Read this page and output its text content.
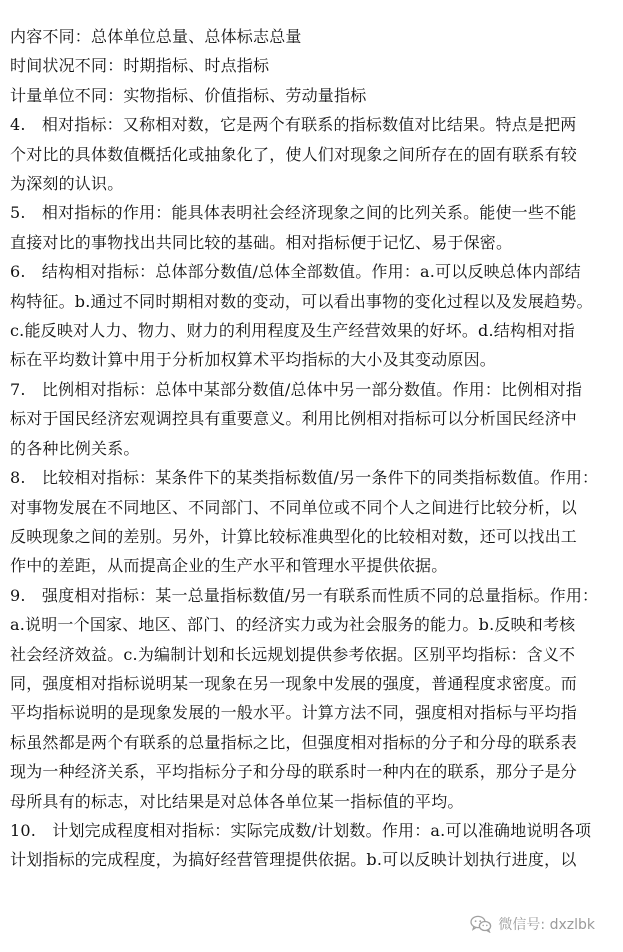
内容不同：总体单位总量、总体标志总量
时间状况不同：时期指标、时点指标
计量单位不同：实物指标、价值指标、劳动量指标
4.　相对指标：又称相对数，它是两个有联系的指标数值对比结果。特点是把两
个对比的具体数值概括化或抽象化了，使人们对现象之间所存在的固有联系有较
为深刻的认识。
5.　相对指标的作用：能具体表明社会经济现象之间的比列关系。能使一些不能
直接对比的事物找出共同比较的基础。相对指标便于记忆、易于保密。
6.　结构相对指标：总体部分数值/总体全部数值。作用：a.可以反映总体内部结
构特征。b.通过不同时期相对数的变动，可以看出事物的变化过程以及发展趋势。
c.能反映对人力、物力、财力的利用程度及生产经营效果的好坏。d.结构相对指
标在平均数计算中用于分析加权算术平均指标的大小及其变动原因。
7.　比例相对指标：总体中某部分数值/总体中另一部分数值。作用：比例相对指
标对于国民经济宏观调控具有重要意义。利用比例相对指标可以分析国民经济中
的各种比例关系。
8.　比较相对指标：某条件下的某类指标数值/另一条件下的同类指标数值。作用：
对事物发展在不同地区、不同部门、不同单位或不同个人之间进行比较分析，以
反映现象之间的差别。另外，计算比较标准典型化的比较相对数，还可以找出工
作中的差距，从而提高企业的生产水平和管理水平提供依据。
9.　强度相对指标：某一总量指标数值/另一有联系而性质不同的总量指标。作用：
a.说明一个国家、地区、部门、的经济实力或为社会服务的能力。b.反映和考核
社会经济效益。c.为编制计划和长远规划提供参考依据。区别平均指标：含义不
同，强度相对指标说明某一现象在另一现象中发展的强度，普通程度求密度。而
平均指标说明的是现象发展的一般水平。计算方法不同，强度相对指标与平均指
标虽然都是两个有联系的总量指标之比，但强度相对指标的分子和分母的联系表
现为一种经济关系，平均指标分子和分母的联系时一种内在的联系，那分子是分
母所具有的标志，对比结果是对总体各单位某一指标值的平均。
10.　计划完成程度相对指标：实际完成数/计划数。作用：a.可以准确地说明各项
计划指标的完成程度，为搞好经营管理提供依据。b.可以反映计划执行进度，以
微信号: dxzlbk
